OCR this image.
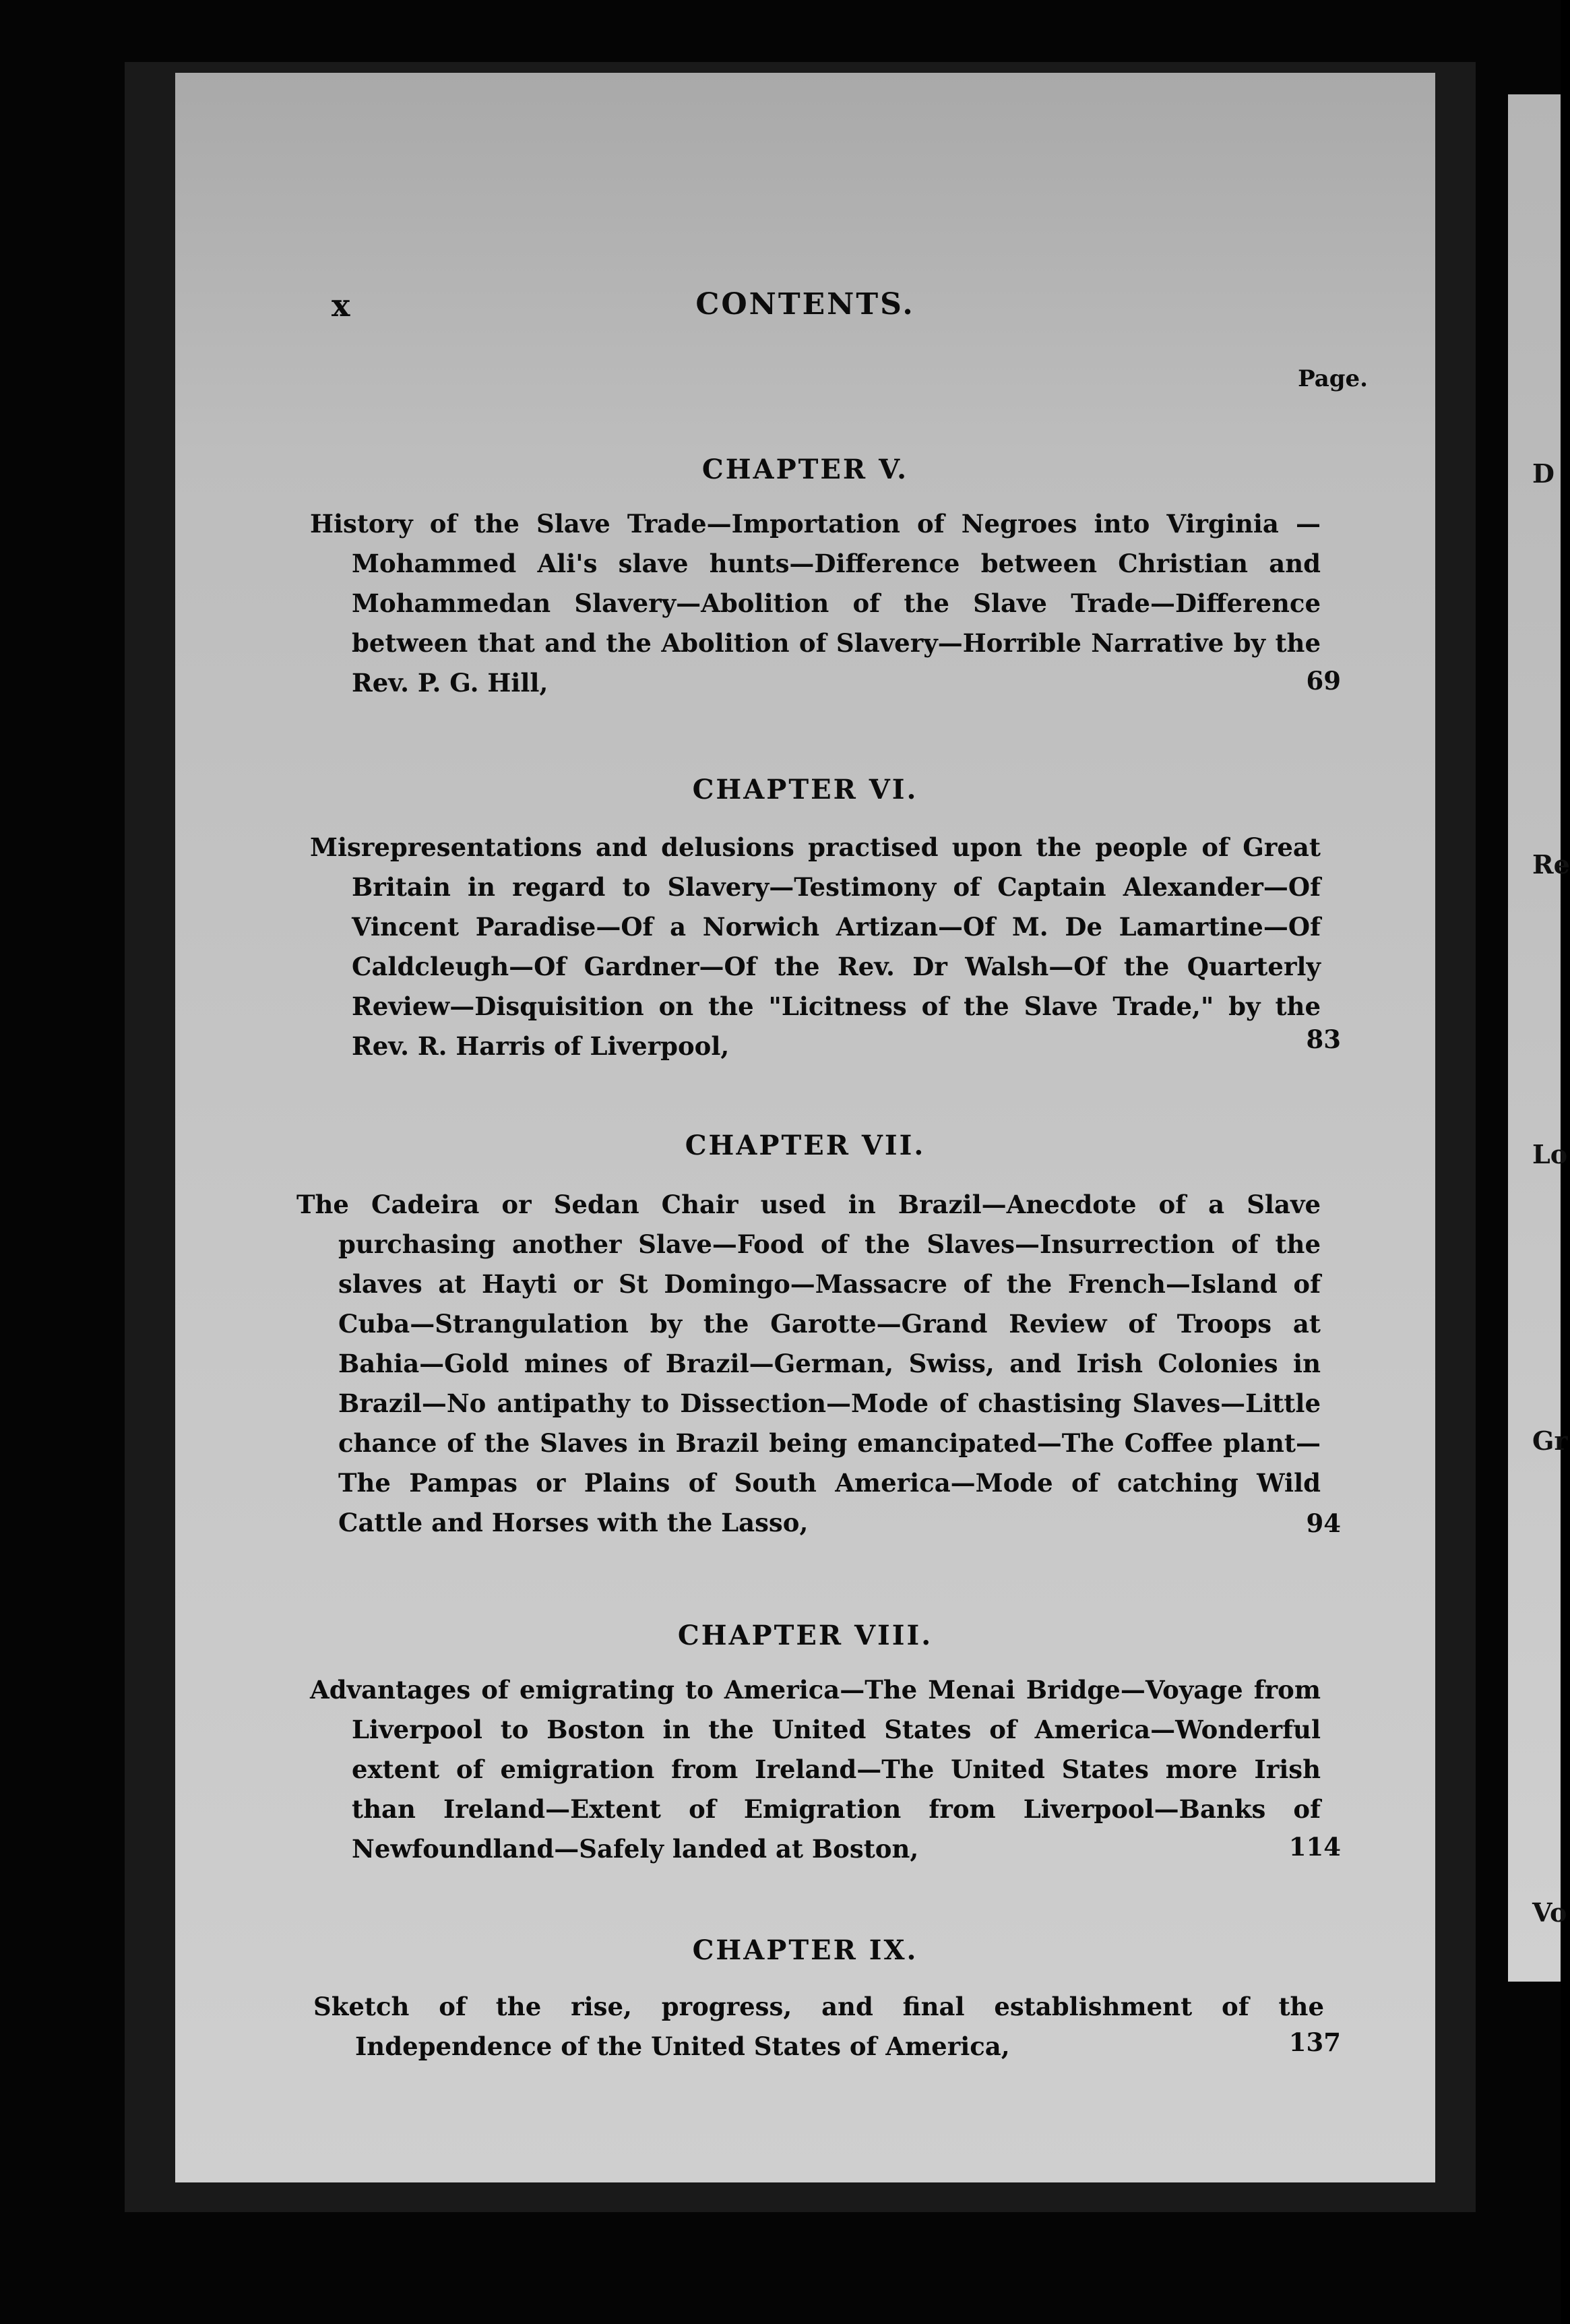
x	CONTENTS.
Page.
CHAPTER V.
History of the Slave Trade—Importation of Negroes into Virginia —Mohammed Ali's slave hunts—Difference between Christian and Mohammedan Slavery—Abolition of the Slave Trade—Difference between that and the Abolition of Slavery—Horrible Narrative by the Rev. P. G. Hill,	69
CHAPTER VI.
Misrepresentations and delusions practised upon the people of Great Britain in regard to Slavery—Testimony of Captain Alexander—Of Vincent Paradise—Of a Norwich Artizan—Of M. De Lamartine—Of Caldcleugh—Of Gardner—Of the Rev. Dr Walsh—Of the Quarterly Review—Disquisition on the "Licitness of the Slave Trade," by the Rev. R. Harris of Liverpool,	83
CHAPTER VII.
The Cadeira or Sedan Chair used in Brazil—Anecdote of a Slave purchasing another Slave—Food of the Slaves—Insurrection of the slaves at Hayti or St Domingo—Massacre of the French—Island of Cuba—Strangulation by the Garotte—Grand Review of Troops at Bahia—Gold mines of Brazil—German, Swiss, and Irish Colonies in Brazil—No antipathy to Dissection—Mode of chastising Slaves—Little chance of the Slaves in Brazil being emancipated—The Coffee plant—The Pampas or Plains of South America—Mode of catching Wild Cattle and Horses with the Lasso,	94
CHAPTER VIII.
Advantages of emigrating to America—The Menai Bridge—Voyage from Liverpool to Boston in the United States of America—Wonderful extent of emigration from Ireland—The United States more Irish than Ireland—Extent of Emigration from Liverpool—Banks of Newfoundland—Safely landed at Boston,	114
CHAPTER IX.
Sketch of the rise, progress, and final establishment of the Independence of the United States of America,	137
D
Re
Lo
Gr
Vo
